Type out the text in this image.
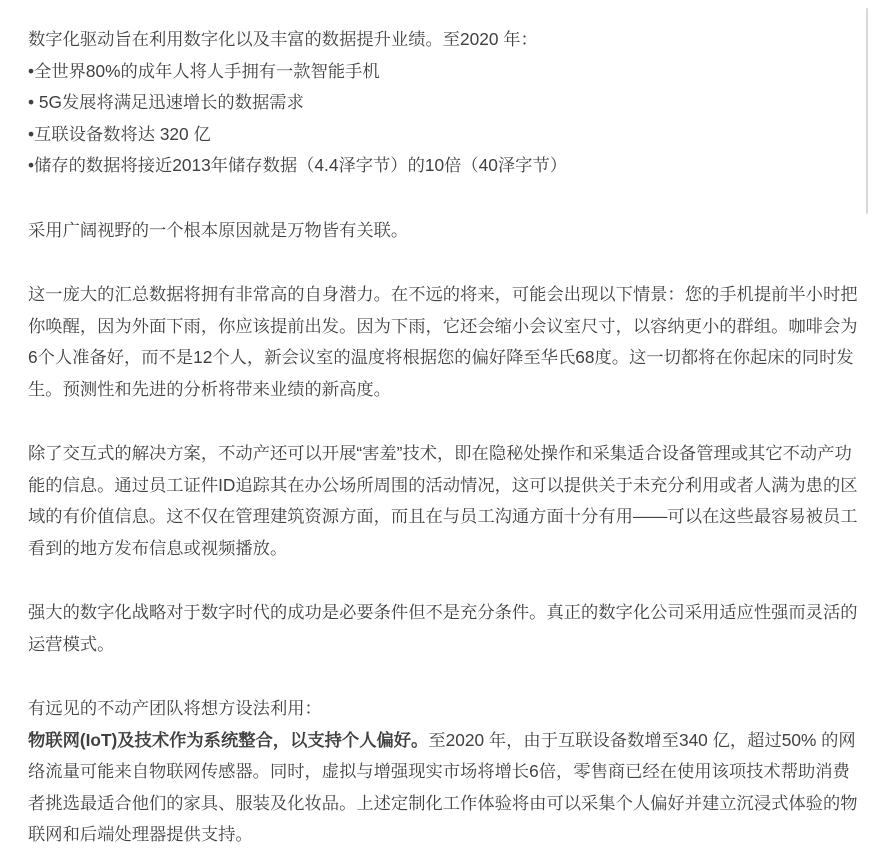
数字化驱动旨在利用数字化以及丰富的数据提升业绩。至2020 年：

•全世界80%的成年人将人手拥有一款智能手机

• 5G发展将满足迅速增长的数据需求

•互联设备数将达 320 亿

•储存的数据将接近2013年储存数据（4.4泽字节）的10倍（40泽字节）

采用广阔视野的一个根本原因就是万物皆有关联。

这一庞大的汇总数据将拥有非常高的自身潜力。在不远的将来，可能会出现以下情景：您的手机提前半小时把你唤醒，因为外面下雨，你应该提前出发。因为下雨，它还会缩小会议室尺寸，以容纳更小的群组。咖啡会为6个人准备好，而不是12个人，新会议室的温度将根据您的偏好降至华氏68度。这一切都将在你起床的同时发生。预测性和先进的分析将带来业绩的新高度。

除了交互式的解决方案，不动产还可以开展“害羞”技术，即在隐秘处操作和采集适合设备管理或其它不动产功能的信息。通过员工证件ID追踪其在办公场所周围的活动情况，这可以提供关于未充分利用或者人满为患的区域的有价值信息。这不仅在管理建筑资源方面，而且在与员工沟通方面十分有用——可以在这些最容易被员工看到的地方发布信息或视频播放。

强大的数字化战略对于数字时代的成功是必要条件但不是充分条件。真正的数字化公司采用适应性强而灵活的运营模式。

有远见的不动产团队将想方设法利用：

物联网(IoT)及技术作为系统整合，以支持个人偏好。至2020 年，由于互联设备数增至340 亿，超过50% 的网络流量可能来自物联网传感器。同时，虚拟与增强现实市场将增长6倍，零售商已经在使用该项技术帮助消费者挑选最适合他们的家具、服装及化妆品。上述定制化工作体验将由可以采集个人偏好并建立沉浸式体验的物联网和后端处理器提供支持。
